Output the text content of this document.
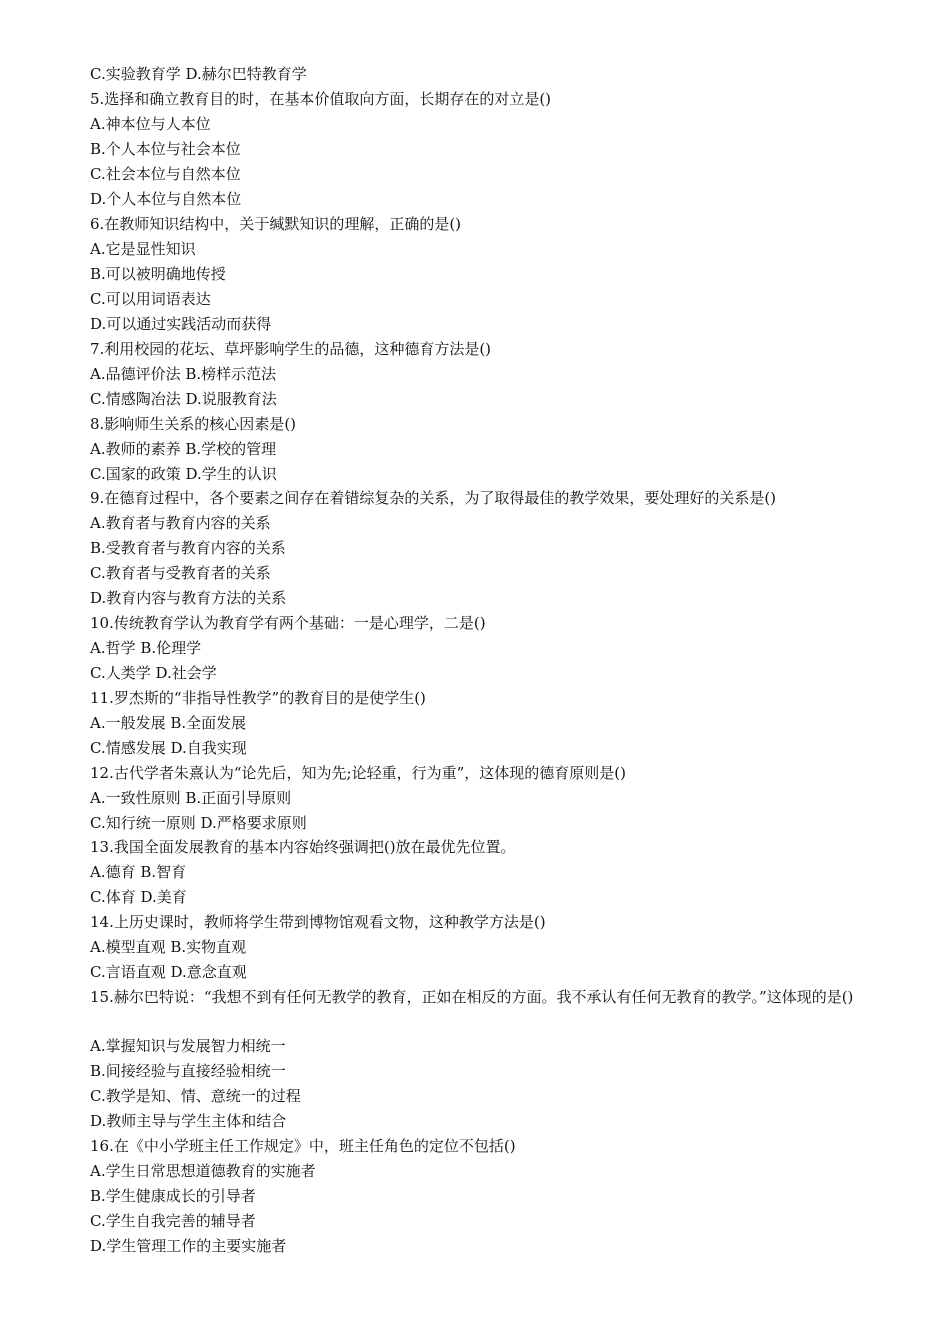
C.实验教育学 D.赫尔巴特教育学
5.选择和确立教育目的时，在基本价值取向方面，长期存在的对立是()
A.神本位与人本位
B.个人本位与社会本位
C.社会本位与自然本位
D.个人本位与自然本位
6.在教师知识结构中，关于缄默知识的理解，正确的是()
A.它是显性知识
B.可以被明确地传授
C.可以用词语表达
D.可以通过实践活动而获得
7.利用校园的花坛、草坪影响学生的品德，这种德育方法是()
A.品德评价法 B.榜样示范法
C.情感陶冶法 D.说服教育法
8.影响师生关系的核心因素是()
A.教师的素养 B.学校的管理
C.国家的政策 D.学生的认识
9.在德育过程中，各个要素之间存在着错综复杂的关系，为了取得最佳的教学效果，要处理好的关系是()
A.教育者与教育内容的关系
B.受教育者与教育内容的关系
C.教育者与受教育者的关系
D.教育内容与教育方法的关系
10.传统教育学认为教育学有两个基础：一是心理学，二是()
A.哲学 B.伦理学
C.人类学 D.社会学
11.罗杰斯的“非指导性教学”的教育目的是使学生()
A.一般发展 B.全面发展
C.情感发展 D.自我实现
12.古代学者朱熹认为“论先后，知为先;论轻重，行为重”，这体现的德育原则是()
A.一致性原则 B.正面引导原则
C.知行统一原则 D.严格要求原则
13.我国全面发展教育的基本内容始终强调把()放在最优先位置。
A.德育 B.智育
C.体育 D.美育
14.上历史课时，教师将学生带到博物馆观看文物，这种教学方法是()
A.模型直观 B.实物直观
C.言语直观 D.意念直观
15.赫尔巴特说：“我想不到有任何无教学的教育，正如在相反的方面。我不承认有任何无教育的教学。”这体现的是()
A.掌握知识与发展智力相统一
B.间接经验与直接经验相统一
C.教学是知、情、意统一的过程
D.教师主导与学生主体和结合
16.在《中小学班主任工作规定》中，班主任角色的定位不包括()
A.学生日常思想道德教育的实施者
B.学生健康成长的引导者
C.学生自我完善的辅导者
D.学生管理工作的主要实施者
